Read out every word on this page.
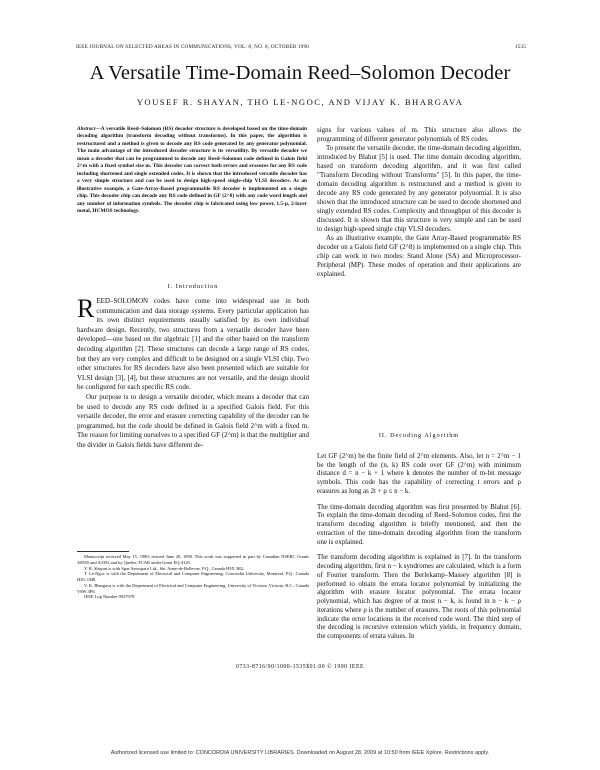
IEEE JOURNAL ON SELECTED AREAS IN COMMUNICATIONS, VOL. 8, NO. 8, OCTOBER 1990	1535
A Versatile Time-Domain Reed–Solomon Decoder
YOUSEF R. SHAYAN, THO LE-NGOC, AND VIJAY K. BHARGAVA
Abstract—A versatile Reed–Solomon (RS) decoder structure is developed based on the time-domain decoding algorithm (transform decoding without transforms). In this paper, the algorithm is restructured and a method is given to decode any RS code generated by any generator polynomial. The main advantage of the introduced decoder structure is its versatility. By versatile decoder we mean a decoder that can be programmed to decode any Reed–Solomon code defined in Galois field 2^m with a fixed symbol size m. This decoder can correct both errors and erasures for any RS code including shortened and single extended codes. It is shown that the introduced versatile decoder has a very simple structure and can be used to design high-speed single-chip VLSI decoders. As an illustrative example, a Gate-Array-Based programmable RS decoder is implemented on a single chip. This decoder chip can decode any RS code defined in GF (2^8) with any code word length and any number of information symbols. The decoder chip is fabricated using low power, 1.5-μ, 2-layer metal, HCMOS technology.
I. Introduction

REED–SOLOMON codes have come into widespread use in both communication and data storage systems. Every particular application has its own distinct requirements usually satisfied by its own individual hardware design. Recently, two structures from a versatile decoder have been developed—one based on the algebraic [1] and the other based on the transform decoding algorithm [2]. These structures can decode a large range of RS codes, but they are very complex and difficult to be designed on a single VLSI chip. Two other structures for RS decoders have also been presented which are suitable for VLSI design [3], [4], but these structures are not versatile, and the design should be configured for each specific RS code.

Our purpose is to design a versatile decoder, which means a decoder that can be used to decode any RS code defined in a specified Galois field. For this versatile decoder, the error and erasure correcting capability of the decoder can be programmed, but the code should be defined in Galois field 2^m with a fixed m. The reason for limiting ourselves to a specified GF (2^m) is that the multiplier and the divider in Galois fields have different de-

Manuscript received May 15, 1989; revised June 20, 1990. This work was supported in part by Canadian NSERC Grants A8505 and A3392 and by Quebec FCAR under Grant EQ-4120.

Y. R. Shayan is with Spar Aerospace Ltd., Ste. Anne-de-Bellevue, P.Q., Canada H9X 3R2.

T. Le-Ngoc is with the Department of Electrical and Computer Engineering, Concordia University, Montreal, P.Q., Canada H3G 1M8.

V. K. Bhargava is with the Department of Electrical and Computer Engineering, University of Victoria, Victoria, B.C., Canada V8W 3P6.

IEEE Log Number 9037979.

signs for various values of m. This structure also allows the programming of different generator polynomials of RS codes.

To present the versatile decoder, the time-domain decoding algorithm, introduced by Blahut [5] is used. The time domain decoding algorithm, based on transform decoding algorithm, and it was first called "Transform Decoding without Transforms" [5]. In this paper, the time-domain decoding algorithm is restructured and a method is given to decode any RS code generated by any generator polynomial. It is also shown that the introduced structure can be used to decode shortened and singly extended RS codes. Complexity and throughput of this decoder is discussed. It is shown that this structure is very simple and can be used to design high-speed single chip VLSI decoders.

As an illustrative example, the Gate Array-Based programmable RS decoder on a Galois field GF (2^8) is implemented on a single chip. This chip can work in two modes: Stand Alone (SA) and Microprocessor-Peripheral (MP). These modes of operation and their applications are explained.

II. Decoding Algorithm

Let GF (2^m) be the finite field of 2^m elements. Also, let n = 2^m − 1 be the length of the (n, k) RS code over GF (2^m) with minimum distance d = n − k + 1 where k denotes the number of m-bit message symbols. This code has the capability of correcting t errors and ρ erasures as long as 2t + ρ ≤ n − k.

The time-domain decoding algorithm was first presented by Blahut [6]. To explain the time-domain decoding of Reed–Solomon codes, first the transform decoding algorithm is briefly mentioned, and then the extraction of the time-domain decoding algorithm from the transform one is explained.

The transform decoding algorithm is explained in [7]. In the transform decoding algorithm, first n − k syndromes are calculated, which is a form of Fourier transform. Then the Berlekamp–Massey algorithm [8] is performed to obtain the errata locator polynomial by initializing the algorithm with erasure locator polynomial. The errata locator polynomial, which has degree of at most n − k, is found in n − k − ρ iterations where ρ is the number of erasures. The roots of this polynomial indicate the error locations in the received code word. The third step of the decoding is recursive extension which yields, in frequency domain, the components of errata values. In

0733-8716/90/1000-1535$01.00 © 1990 IEEE
Authorized licensed use limited to: CONCORDIA UNIVERSITY LIBRARIES. Downloaded on August 28, 2009 at 10:50 from IEEE Xplore. Restrictions apply.
